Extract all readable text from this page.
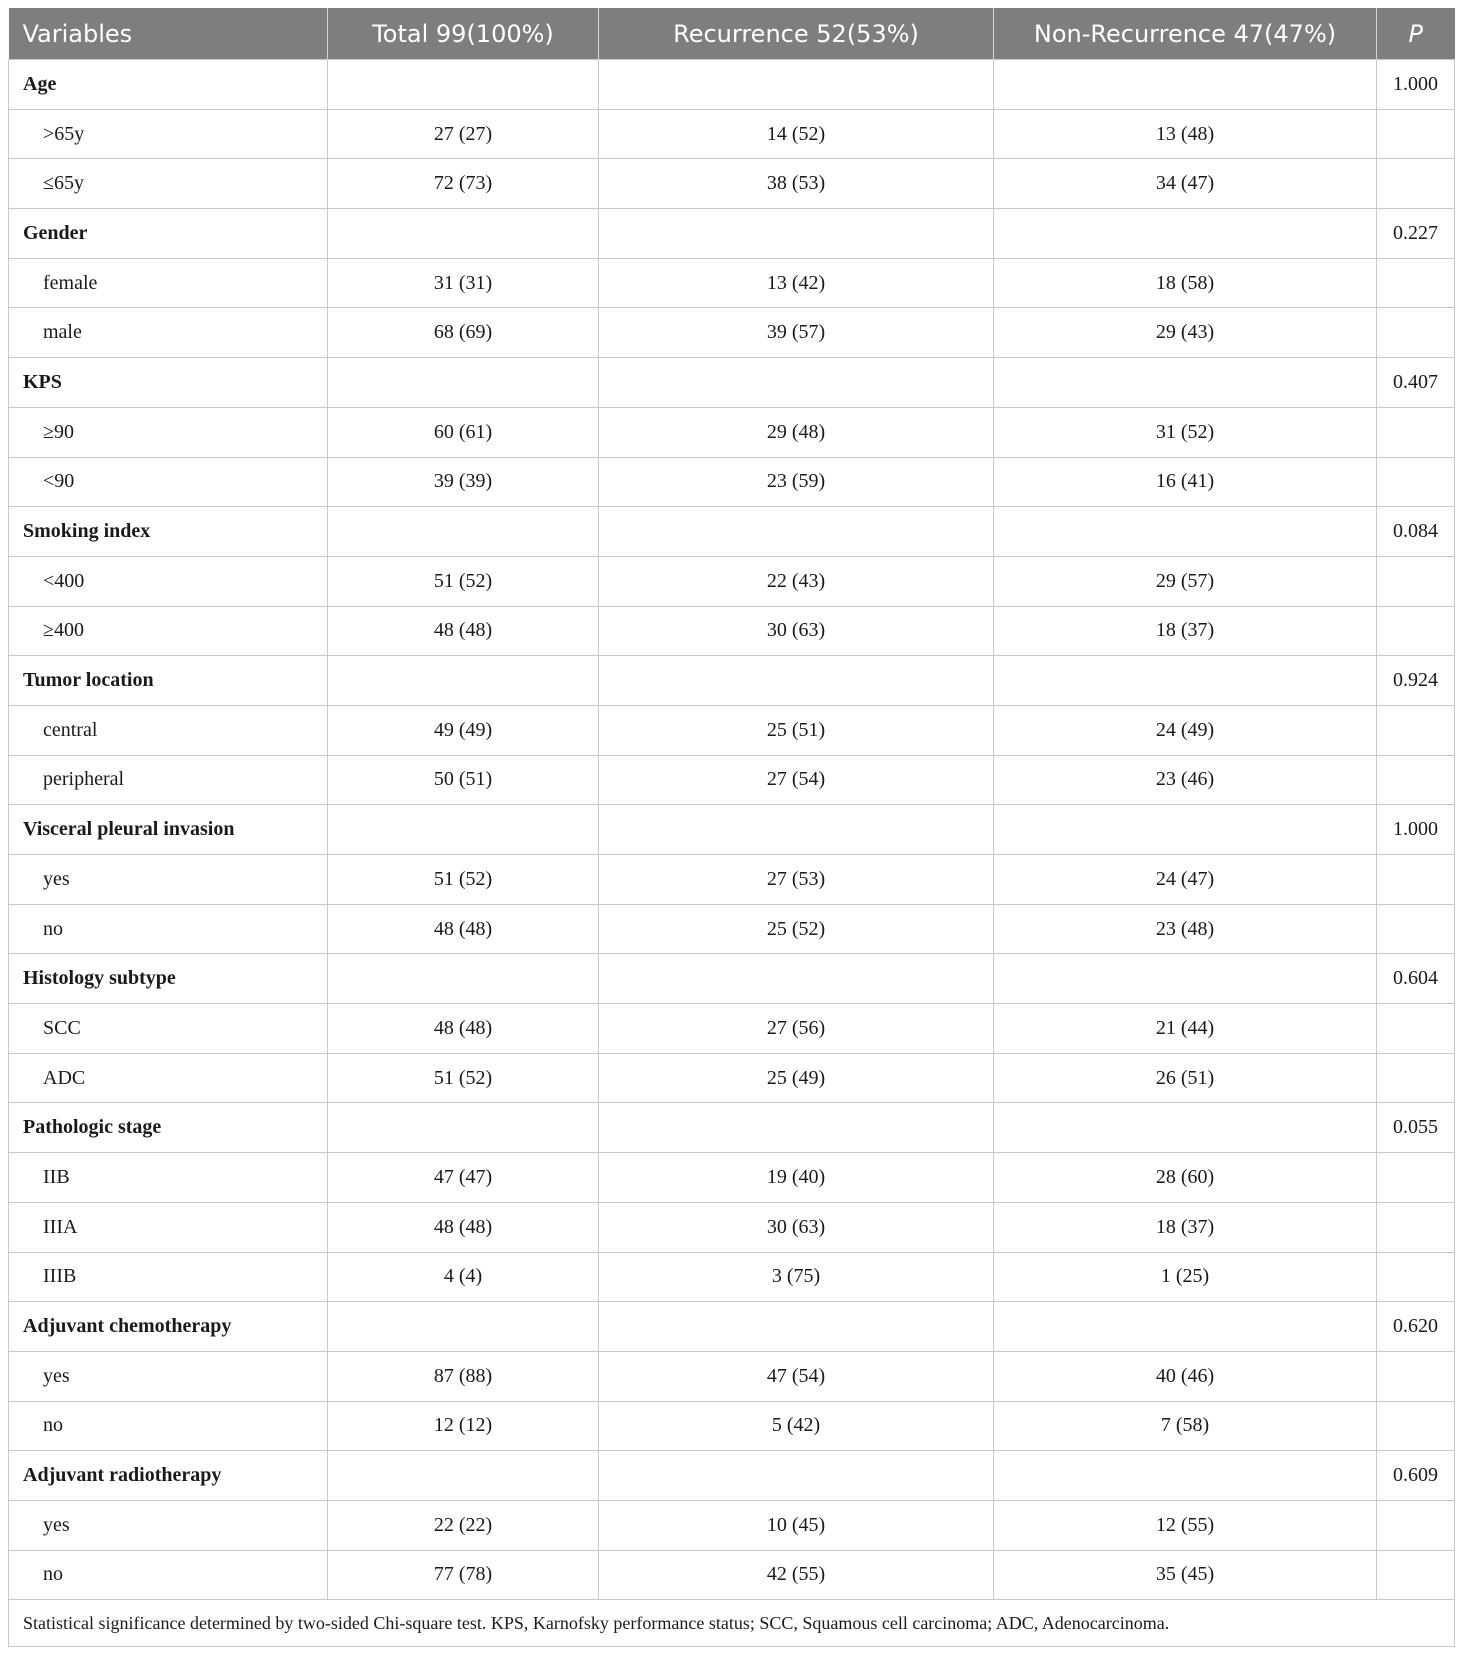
Variables	Total 99(100%)	Recurrence 52(53%)	Non-Recurrence 47(47%)	P
Age				1.000
>65y	27 (27)	14 (52)	13 (48)	
≤65y	72 (73)	38 (53)	34 (47)	
Gender				0.227
female	31 (31)	13 (42)	18 (58)	
male	68 (69)	39 (57)	29 (43)	
KPS				0.407
≥90	60 (61)	29 (48)	31 (52)	
<90	39 (39)	23 (59)	16 (41)	
Smoking index				0.084
<400	51 (52)	22 (43)	29 (57)	
≥400	48 (48)	30 (63)	18 (37)	
Tumor location				0.924
central	49 (49)	25 (51)	24 (49)	
peripheral	50 (51)	27 (54)	23 (46)	
Visceral pleural invasion				1.000
yes	51 (52)	27 (53)	24 (47)	
no	48 (48)	25 (52)	23 (48)	
Histology subtype				0.604
SCC	48 (48)	27 (56)	21 (44)	
ADC	51 (52)	25 (49)	26 (51)	
Pathologic stage				0.055
IIB	47 (47)	19 (40)	28 (60)	
IIIA	48 (48)	30 (63)	18 (37)	
IIIB	4 (4)	3 (75)	1 (25)	
Adjuvant chemotherapy				0.620
yes	87 (88)	47 (54)	40 (46)	
no	12 (12)	5 (42)	7 (58)	
Adjuvant radiotherapy				0.609
yes	22 (22)	10 (45)	12 (55)	
no	77 (78)	42 (55)	35 (45)	
Statistical significance determined by two-sided Chi-square test. KPS, Karnofsky performance status; SCC, Squamous cell carcinoma; ADC, Adenocarcinoma.				
